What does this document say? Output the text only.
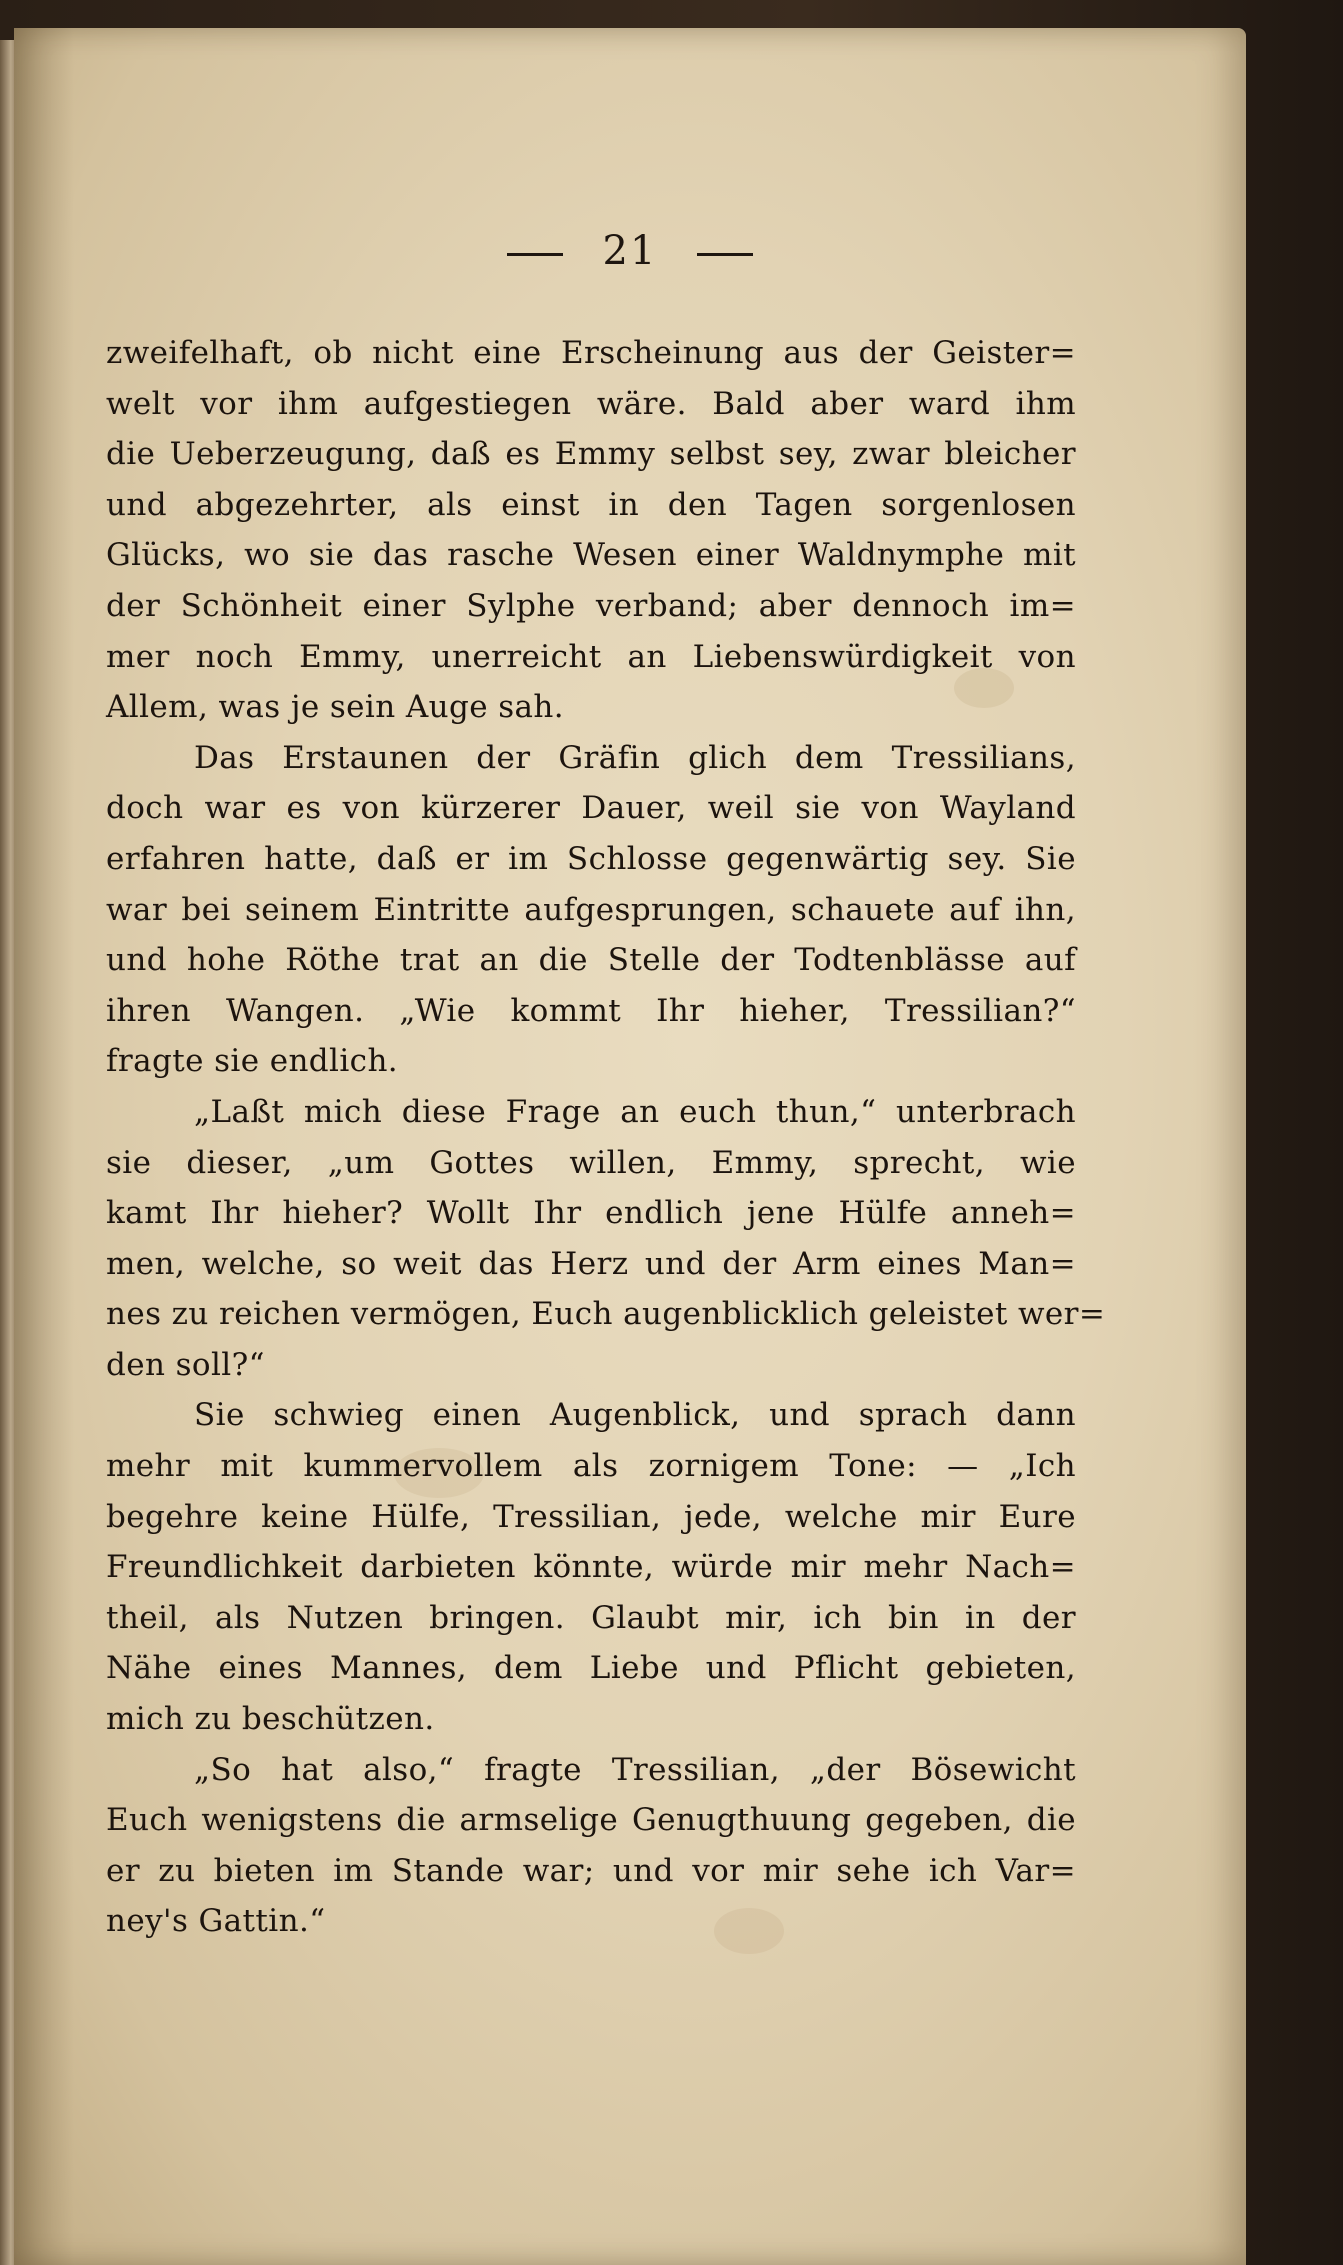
21
zweifelhaft, ob nicht eine Erscheinung aus der Geister=
welt vor ihm aufgestiegen wäre. Bald aber ward ihm
die Ueberzeugung, daß es Emmy selbst sey, zwar bleicher
und abgezehrter, als einst in den Tagen sorgenlosen
Glücks, wo sie das rasche Wesen einer Waldnymphe mit
der Schönheit einer Sylphe verband; aber dennoch im=
mer noch Emmy, unerreicht an Liebenswürdigkeit von
Allem, was je sein Auge sah.
Das Erstaunen der Gräfin glich dem Tressilians,
doch war es von kürzerer Dauer, weil sie von Wayland
erfahren hatte, daß er im Schlosse gegenwärtig sey. Sie
war bei seinem Eintritte aufgesprungen, schauete auf ihn,
und hohe Röthe trat an die Stelle der Todtenblässe auf
ihren Wangen. „Wie kommt Ihr hieher, Tressilian?“
fragte sie endlich.
„Laßt mich diese Frage an euch thun,“ unterbrach
sie dieser, „um Gottes willen, Emmy, sprecht, wie
kamt Ihr hieher? Wollt Ihr endlich jene Hülfe anneh=
men, welche, so weit das Herz und der Arm eines Man=
nes zu reichen vermögen, Euch augenblicklich geleistet wer=
den soll?“
Sie schwieg einen Augenblick, und sprach dann
mehr mit kummervollem als zornigem Tone: — „Ich
begehre keine Hülfe, Tressilian, jede, welche mir Eure
Freundlichkeit darbieten könnte, würde mir mehr Nach=
theil, als Nutzen bringen. Glaubt mir, ich bin in der
Nähe eines Mannes, dem Liebe und Pflicht gebieten,
mich zu beschützen.
„So hat also,“ fragte Tressilian, „der Bösewicht
Euch wenigstens die armselige Genugthuung gegeben, die
er zu bieten im Stande war; und vor mir sehe ich Var=
ney's Gattin.“
